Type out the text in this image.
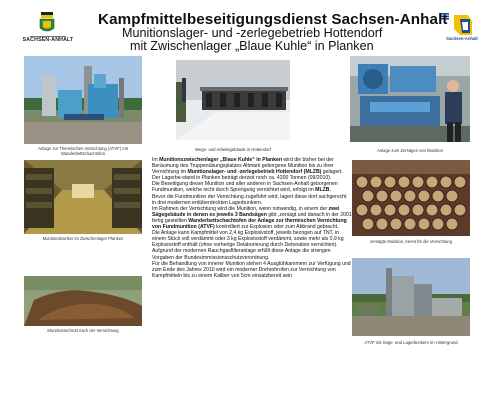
SACHSEN-ANHALT	Sachsen-Anhalt
Kampfmittelbeseitigungsdienst Sachsen-Anhalt
Munitionslager- und -zerlegebetrieb Hottendorf
mit Zwischenlager „Blaue Kuhle“ in Planken
Anlage zur Thermischen Vernichtung (ATVF) mit
Wanderbettschachtofen
Wege- und Arbeitsgebäude in Hottendorf	Anlage zum Zersägen von Munition
Munitionsbunker im Zwischenlager Planken
zersägte Munition, bereit für die Vernichtung
Munitionsschrott nach der Vernichtung
ATVF mit Säge- und Lagerbunkern im Hintergrund

Im Munitionszwischenlager „Blaue Kuhle“ in Planken wird die bisher bei der Beräumung des Truppenübungsplatzes Altmark geborgene Munition bis zu ihrer Vernichtung im Munitionslager- und -zerlegebetrieb Hottendorf (MLZB) gelagert. Der Lagerbe-stand in Planken beträgt derzeit noch ca. 4200 Tonnen (09/2010).

Die Beseitigung dieser Munition und aller anderen in Sachsen-Anhalt geborgenen Fundmunition, welche nicht durch Sprengung vernichtet wird, erfolgt im MLZB.

Bevor die Fundmunition der Vernichtung zugeführt wird, lagert diese dort sachgerecht in drei modernen erdüberdeckten Lagerbunkern.

Im Rahmen der Vernichtung wird die Munition, wenn notwendig, in einem der zwei Sägegebäude in denen es jeweils 3 Bandsägen gibt ,zersägt und danach in der 2001 fertig gestellten Wanderbettschachtofen der Anlage zur thermischen Vernichtung von Fundmunition (ATVF) kontrolliert zur Explosion oder zum Abbrand gebracht.

Die Anlage kann Kampfmittel von 2,4 kg Explosivstoff, jeweils bezogen auf TNT, in einem Stück voll verdämmt oder 3 kg Explosivstoff verdämmt, sowie mehr als 0,9 kg Explosivstoff enthält (ohne vorherige Delaborierung durch Detonation vernichten). Aufgrund der modernen Rauchgasfilteranlage erfüllt diese Anlage die strengen Vorgaben der Bundesimmissionsschutzverordnung.

Für die Behandlung von innerer Munition stehen 4 Ausglühkammern zur Verfügung und zum Ende des Jahres 2010 wird ein moderner Drehrohrofen zur Vernichtung von Kampfmitteln bis zu einem Kaliber von 5cm einsatzbereit sein
